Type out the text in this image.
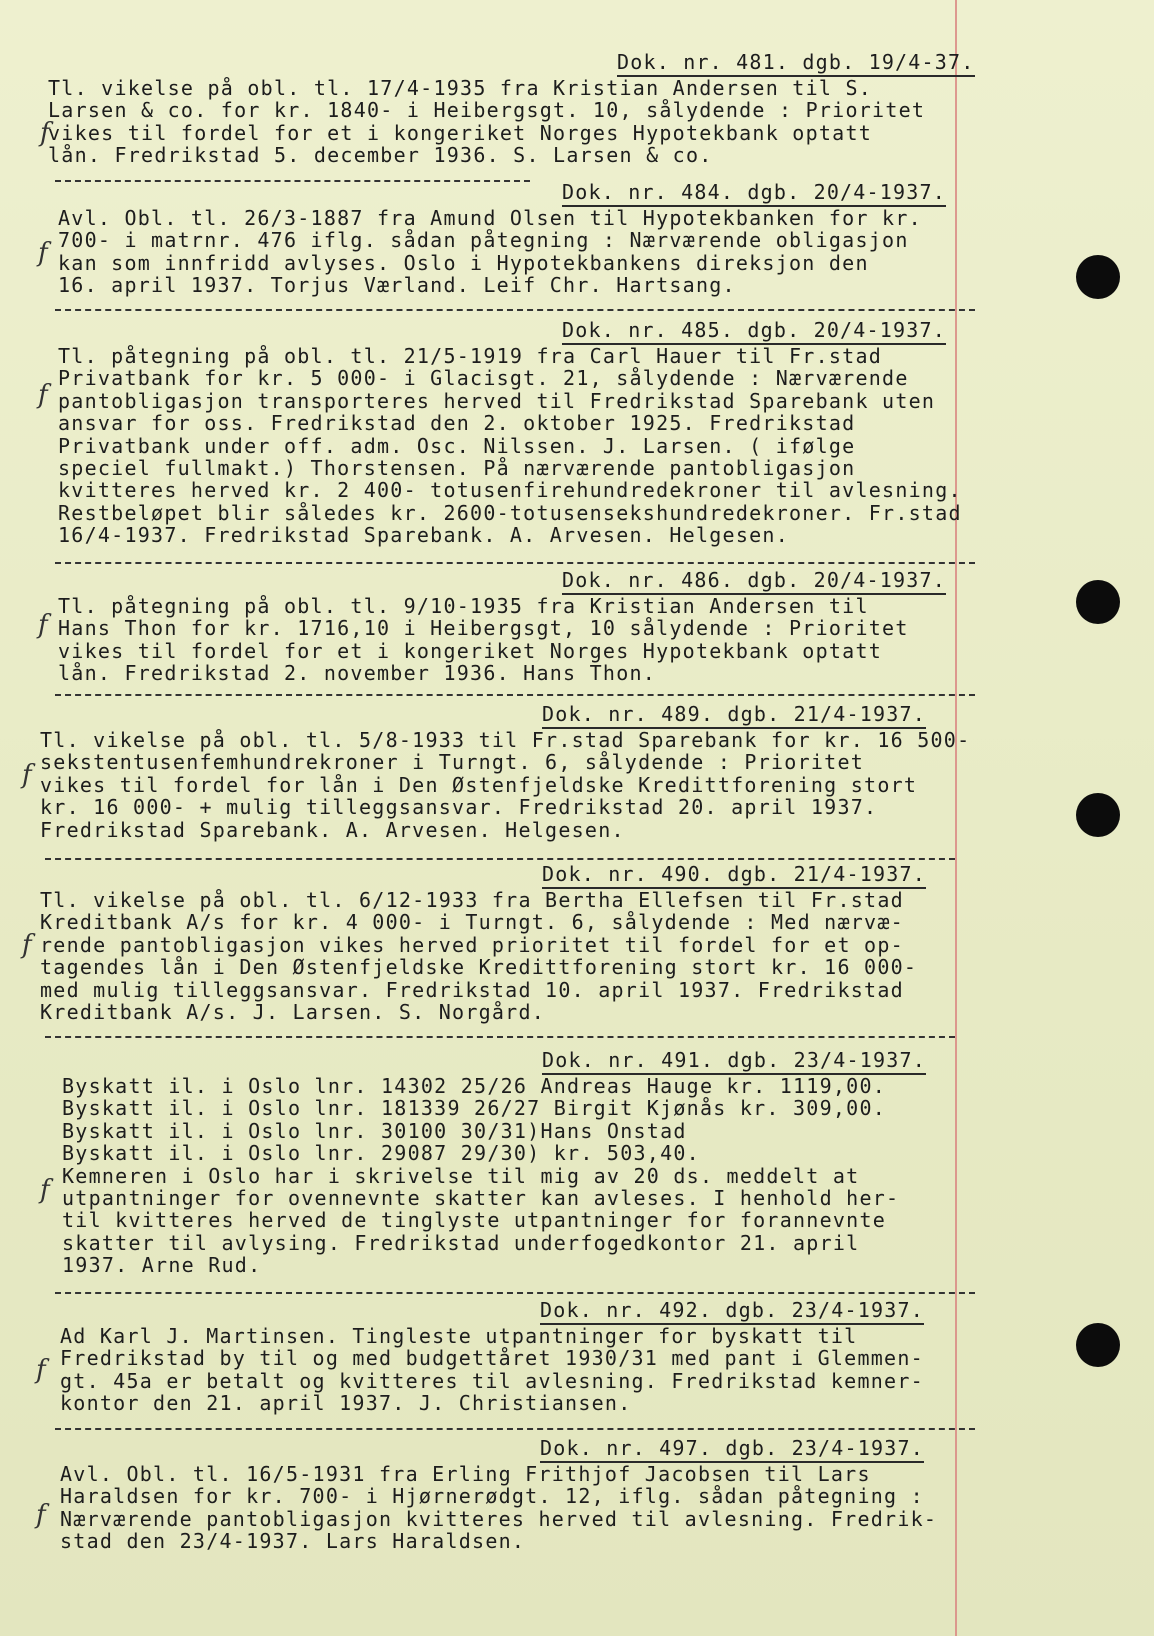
Dok. nr. 481. dgb. 19/4-37.
Tl. vikelse på obl. tl. 17/4-1935 fra Kristian Andersen til S.
Larsen & co. for kr. 1840- i Heibergsgt. 10, sålydende : Prioritet
vikes til fordel for et i kongeriket Norges Hypotekbank optatt
lån. Fredrikstad 5. december 1936. S. Larsen & co.
f
Dok. nr. 484. dgb. 20/4-1937.
Avl. Obl. tl. 26/3-1887 fra Amund Olsen til Hypotekbanken for kr.
700- i matrnr. 476 iflg. sådan påtegning : Nærværende obligasjon
kan som innfridd avlyses. Oslo i Hypotekbankens direksjon den
16. april 1937. Torjus Værland. Leif Chr. Hartsang.
f
Dok. nr. 485. dgb. 20/4-1937.
Tl. påtegning på obl. tl. 21/5-1919 fra Carl Hauer til Fr.stad
Privatbank for kr. 5 000- i Glacisgt. 21, sålydende : Nærværende
pantobligasjon transporteres herved til Fredrikstad Sparebank uten
ansvar for oss. Fredrikstad den 2. oktober 1925. Fredrikstad
Privatbank under off. adm. Osc. Nilssen. J. Larsen. ( ifølge
speciel fullmakt.) Thorstensen. På nærværende pantobligasjon
kvitteres herved kr. 2 400- totusenfirehundredekroner til avlesning.
Restbeløpet blir således kr. 2600-totusensekshundredekroner. Fr.stad
16/4-1937. Fredrikstad Sparebank. A. Arvesen. Helgesen.
f
Dok. nr. 486. dgb. 20/4-1937.
Tl. påtegning på obl. tl. 9/10-1935 fra Kristian Andersen til
Hans Thon for kr. 1716,10 i Heibergsgt, 10 sålydende : Prioritet
vikes til fordel for et i kongeriket Norges Hypotekbank optatt
lån. Fredrikstad 2. november 1936. Hans Thon.
f
Dok. nr. 489. dgb. 21/4-1937.
Tl. vikelse på obl. tl. 5/8-1933 til Fr.stad Sparebank for kr. 16 500-
sekstentusenfemhundrekroner i Turngt. 6, sålydende : Prioritet
vikes til fordel for lån i Den Østenfjeldske Kredittforening stort
kr. 16 000- + mulig tilleggsansvar. Fredrikstad 20. april 1937.
Fredrikstad Sparebank. A. Arvesen. Helgesen.
f
Dok. nr. 490. dgb. 21/4-1937.
Tl. vikelse på obl. tl. 6/12-1933 fra Bertha Ellefsen til Fr.stad
Kreditbank A/s for kr. 4 000- i Turngt. 6, sålydende : Med nærvæ-
rende pantobligasjon vikes herved prioritet til fordel for et op-
tagendes lån i Den Østenfjeldske Kredittforening stort kr. 16 000-
med mulig tilleggsansvar. Fredrikstad 10. april 1937. Fredrikstad
Kreditbank A/s. J. Larsen. S. Norgård.
f
Dok. nr. 491. dgb. 23/4-1937.
Byskatt il. i Oslo lnr. 14302 25/26 Andreas Hauge kr. 1119,00.
Byskatt il. i Oslo lnr. 181339 26/27 Birgit Kjønås kr. 309,00.
Byskatt il. i Oslo lnr. 30100 30/31)Hans Onstad
Byskatt il. i Oslo lnr. 29087 29/30) kr. 503,40.
Kemneren i Oslo har i skrivelse til mig av 20 ds. meddelt at
utpantninger for ovennevnte skatter kan avleses. I henhold her-
til kvitteres herved de tinglyste utpantninger for forannevnte
skatter til avlysing. Fredrikstad underfogedkontor 21. april
1937. Arne Rud.
f
Dok. nr. 492. dgb. 23/4-1937.
Ad Karl J. Martinsen. Tingleste utpantninger for byskatt til
Fredrikstad by til og med budgettåret 1930/31 med pant i Glemmen-
gt. 45a er betalt og kvitteres til avlesning. Fredrikstad kemner-
kontor den 21. april 1937. J. Christiansen.
f
Dok. nr. 497. dgb. 23/4-1937.
Avl. Obl. tl. 16/5-1931 fra Erling Frithjof Jacobsen til Lars
Haraldsen for kr. 700- i Hjørnerødgt. 12, iflg. sådan påtegning :
Nærværende pantobligasjon kvitteres herved til avlesning. Fredrik-
stad den 23/4-1937. Lars Haraldsen.
f
